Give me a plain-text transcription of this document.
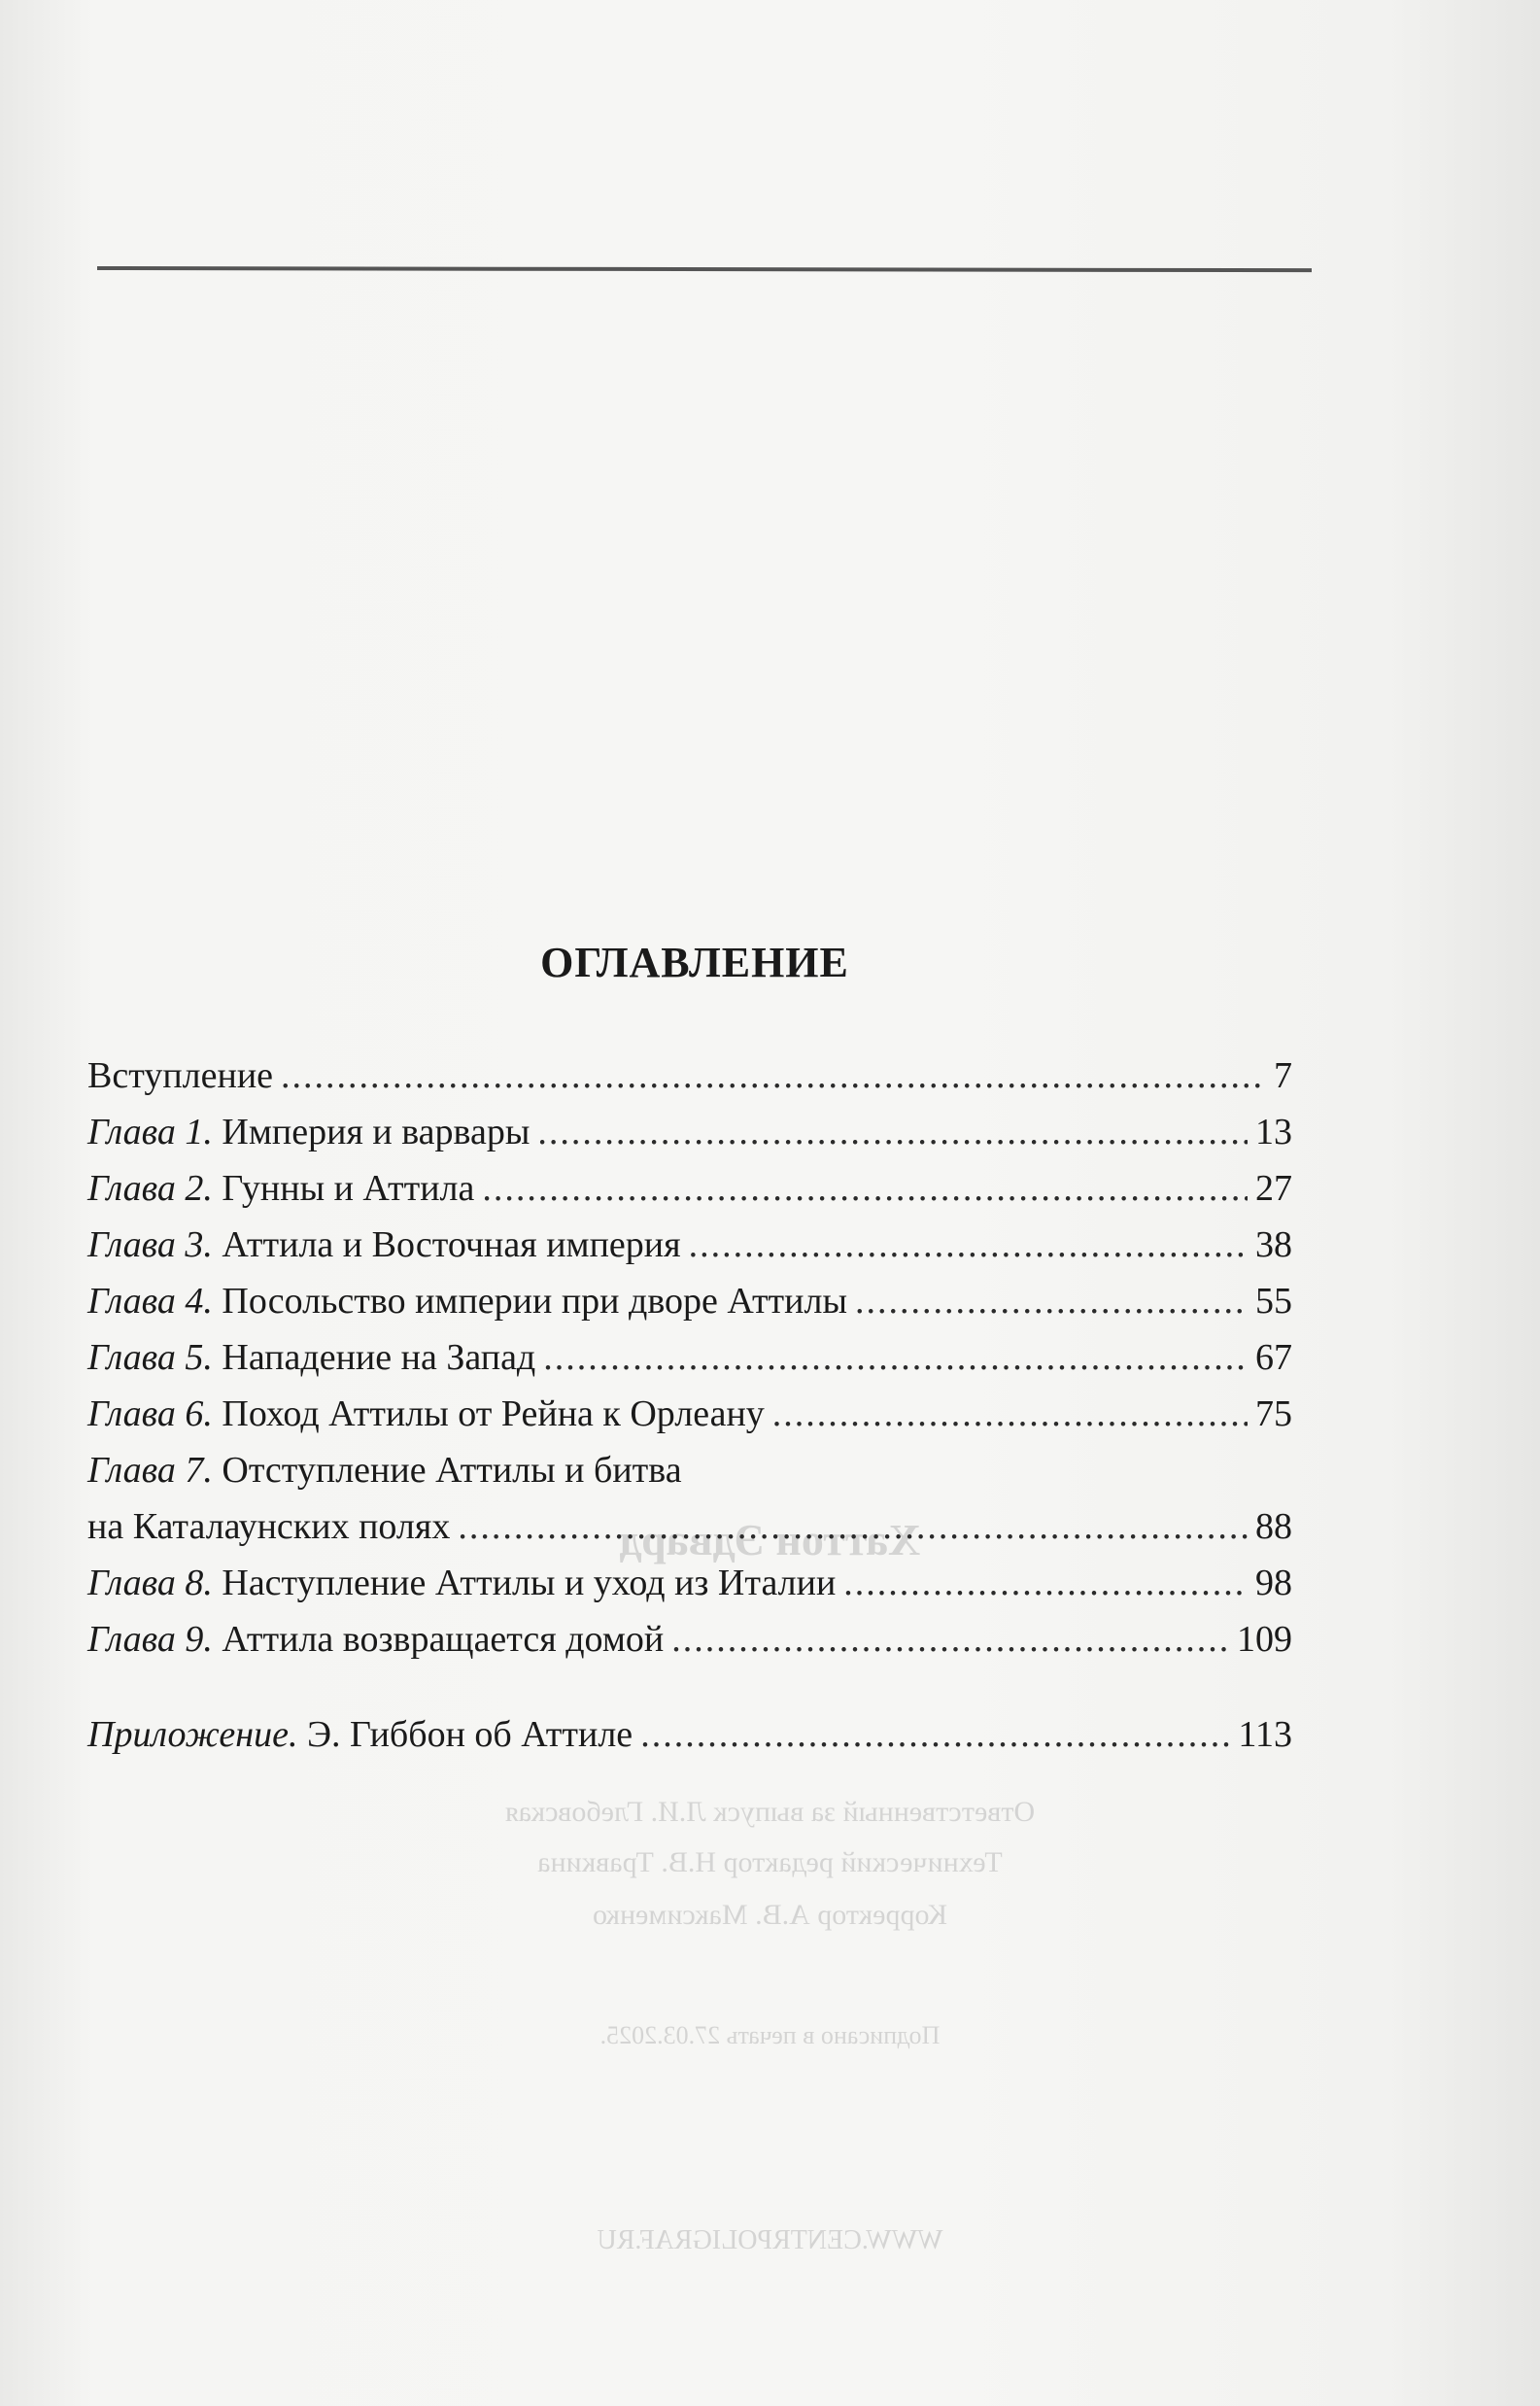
Хаттон Эдвард
Ответственный за выпуск Л.И. Глебовская
Технический редактор Н.В. Травкина
Корректор А.В. Максименко
Подписано в печать 27.03.2025.
WWW.CENTRPOLIGRAF.RU
ОГЛАВЛЕНИЕ
Вступление .....	7
Глава 1. Империя и варвары .....	13
Глава 2. Гунны и Аттила .....	27
Глава 3. Аттила и Восточная империя .....	38
Глава 4. Посольство империи при дворе Аттилы .....	55
Глава 5. Нападение на Запад .....	67
Глава 6. Поход Аттилы от Рейна к Орлеану .....	75
Глава 7. Отступление Аттилы и битва
на Каталаунских полях .....	88
Глава 8. Наступление Аттилы и уход из Италии .....	98
Глава 9. Аттила возвращается домой .....	109
Приложение. Э. Гиббон об Аттиле .....	113
